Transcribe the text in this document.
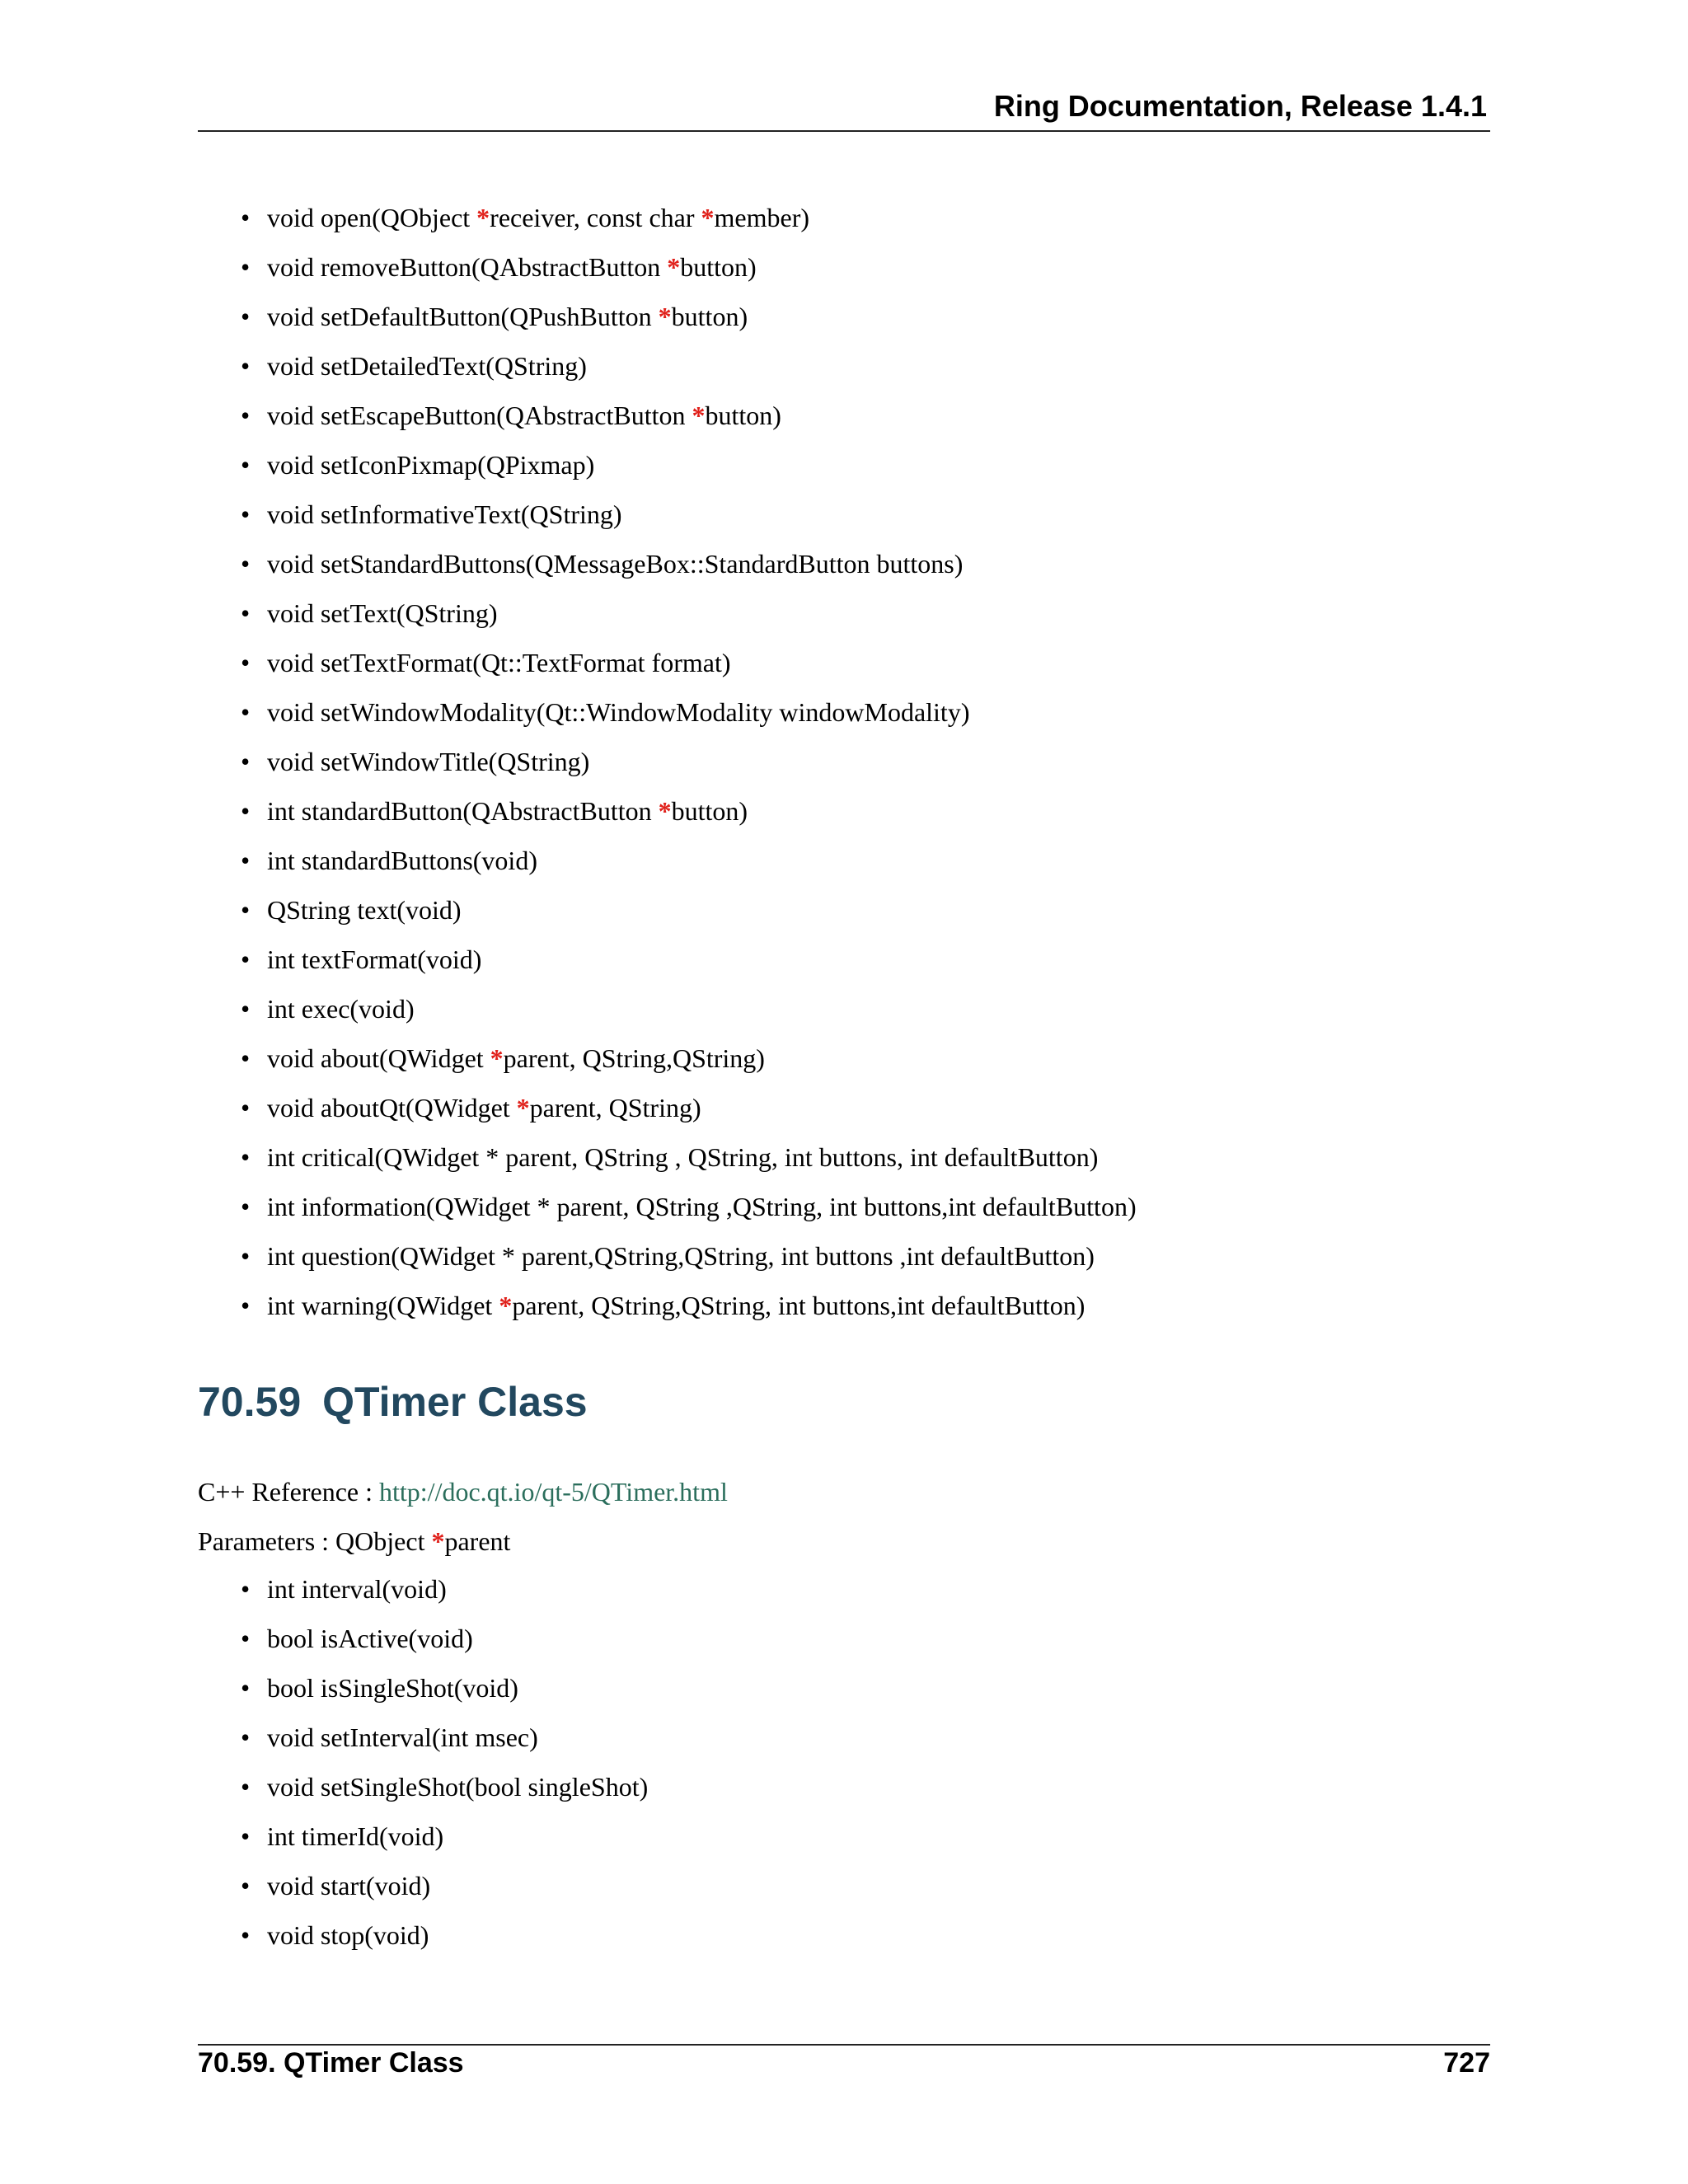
Ring Documentation, Release 1.4.1
• void open(QObject *receiver, const char *member)
• void removeButton(QAbstractButton *button)
• void setDefaultButton(QPushButton *button)
• void setDetailedText(QString)
• void setEscapeButton(QAbstractButton *button)
• void setIconPixmap(QPixmap)
• void setInformativeText(QString)
• void setStandardButtons(QMessageBox::StandardButton buttons)
• void setText(QString)
• void setTextFormat(Qt::TextFormat format)
• void setWindowModality(Qt::WindowModality windowModality)
• void setWindowTitle(QString)
• int standardButton(QAbstractButton *button)
• int standardButtons(void)
• QString text(void)
• int textFormat(void)
• int exec(void)
• void about(QWidget *parent, QString,QString)
• void aboutQt(QWidget *parent, QString)
• int critical(QWidget * parent, QString , QString, int buttons, int defaultButton)
• int information(QWidget * parent, QString ,QString, int buttons,int defaultButton)
• int question(QWidget * parent,QString,QString, int buttons ,int defaultButton)
• int warning(QWidget *parent, QString,QString, int buttons,int defaultButton)
70.59 QTimer Class
C++ Reference : http://doc.qt.io/qt-5/QTimer.html
Parameters : QObject *parent
• int interval(void)
• bool isActive(void)
• bool isSingleShot(void)
• void setInterval(int msec)
• void setSingleShot(bool singleShot)
• int timerId(void)
• void start(void)
• void stop(void)
70.59. QTimer Class	727
